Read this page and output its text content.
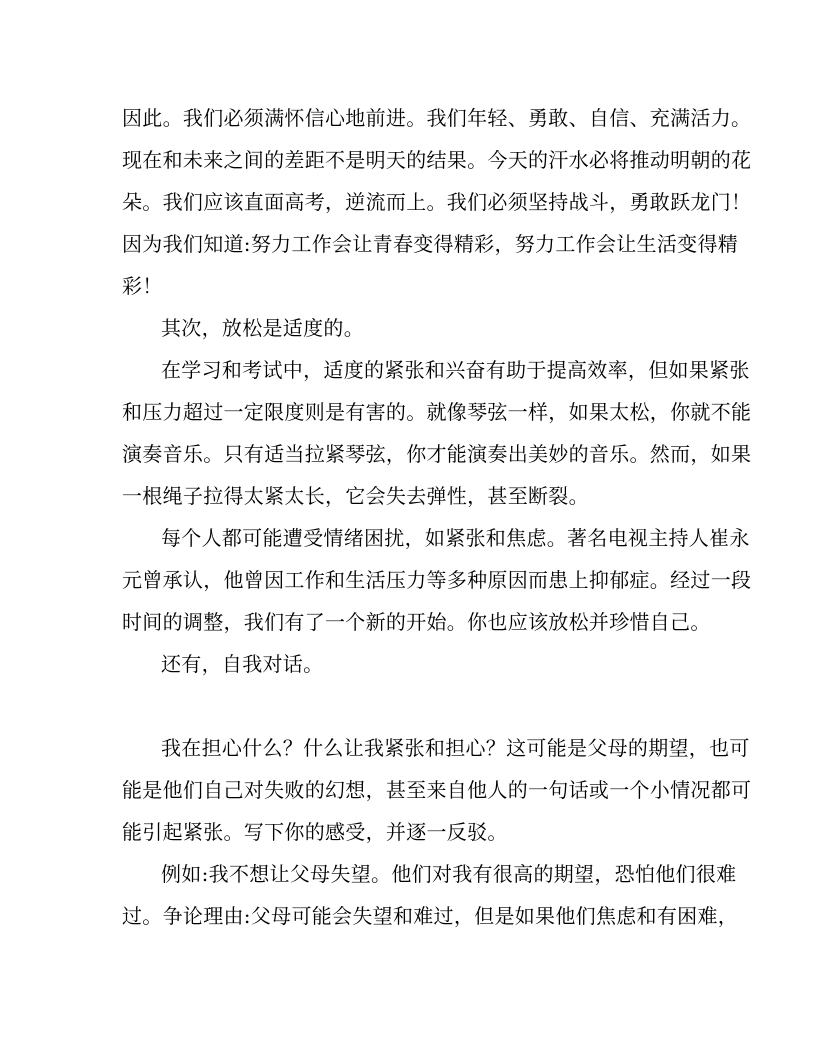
因此。我们必须满怀信心地前进。我们年轻、勇敢、自信、充满活力。

现在和未来之间的差距不是明天的结果。今天的汗水必将推动明朝的花

朵。我们应该直面高考，逆流而上。我们必须坚持战斗，勇敢跃龙门！

因为我们知道:努力工作会让青春变得精彩，努力工作会让生活变得精

彩！

其次，放松是适度的。

在学习和考试中，适度的紧张和兴奋有助于提高效率，但如果紧张

和压力超过一定限度则是有害的。就像琴弦一样，如果太松，你就不能

演奏音乐。只有适当拉紧琴弦，你才能演奏出美妙的音乐。然而，如果

一根绳子拉得太紧太长，它会失去弹性，甚至断裂。

每个人都可能遭受情绪困扰，如紧张和焦虑。著名电视主持人崔永

元曾承认，他曾因工作和生活压力等多种原因而患上抑郁症。经过一段

时间的调整，我们有了一个新的开始。你也应该放松并珍惜自己。

还有，自我对话。

我在担心什么？什么让我紧张和担心？这可能是父母的期望，也可

能是他们自己对失败的幻想，甚至来自他人的一句话或一个小情况都可

能引起紧张。写下你的感受，并逐一反驳。

例如:我不想让父母失望。他们对我有很高的期望，恐怕他们很难

过。争论理由:父母可能会失望和难过，但是如果他们焦虑和有困难，
